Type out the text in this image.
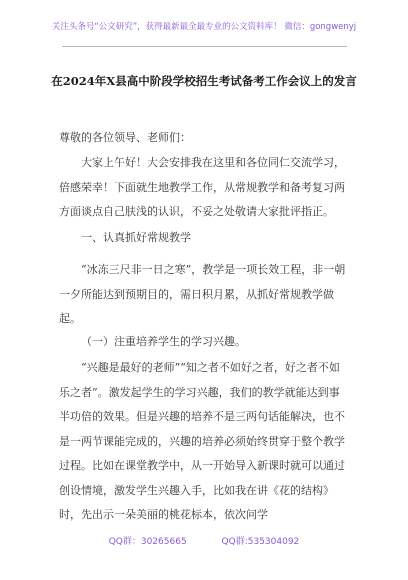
关注头条号“公文研究”，获得最新最全最专业的公文资料库！ 微信：gongwenyj
在2024年X县高中阶段学校招生考试备考工作会议上的发言
尊敬的各位领导、老师们：
大家上午好！大会安排我在这里和各位同仁交流学习，倍感荣幸！下面就生地教学工作，从常规教学和备考复习两方面谈点自己肤浅的认识，不妥之处敬请大家批评指正。
一、认真抓好常规教学
“冰冻三尺非一日之寒”，教学是一项长效工程，非一朝一夕所能达到预期目的，需日积月累，从抓好常规教学做起。
（一）注重培养学生的学习兴趣。
“兴趣是最好的老师”“知之者不如好之者，好之者不如乐之者”。激发起学生的学习兴趣，我们的教学就能达到事半功倍的效果。但是兴趣的培养不是三两句话能解决，也不是一两节课能完成的，兴趣的培养必须始终贯穿于整个教学过程。比如在课堂教学中，从一开始导入新课时就可以通过创设情境，激发学生兴趣入手，比如我在讲《花的结构》时，先出示一朵美丽的桃花标本，依次问学
QQ群：30265665	QQ群:535304092
